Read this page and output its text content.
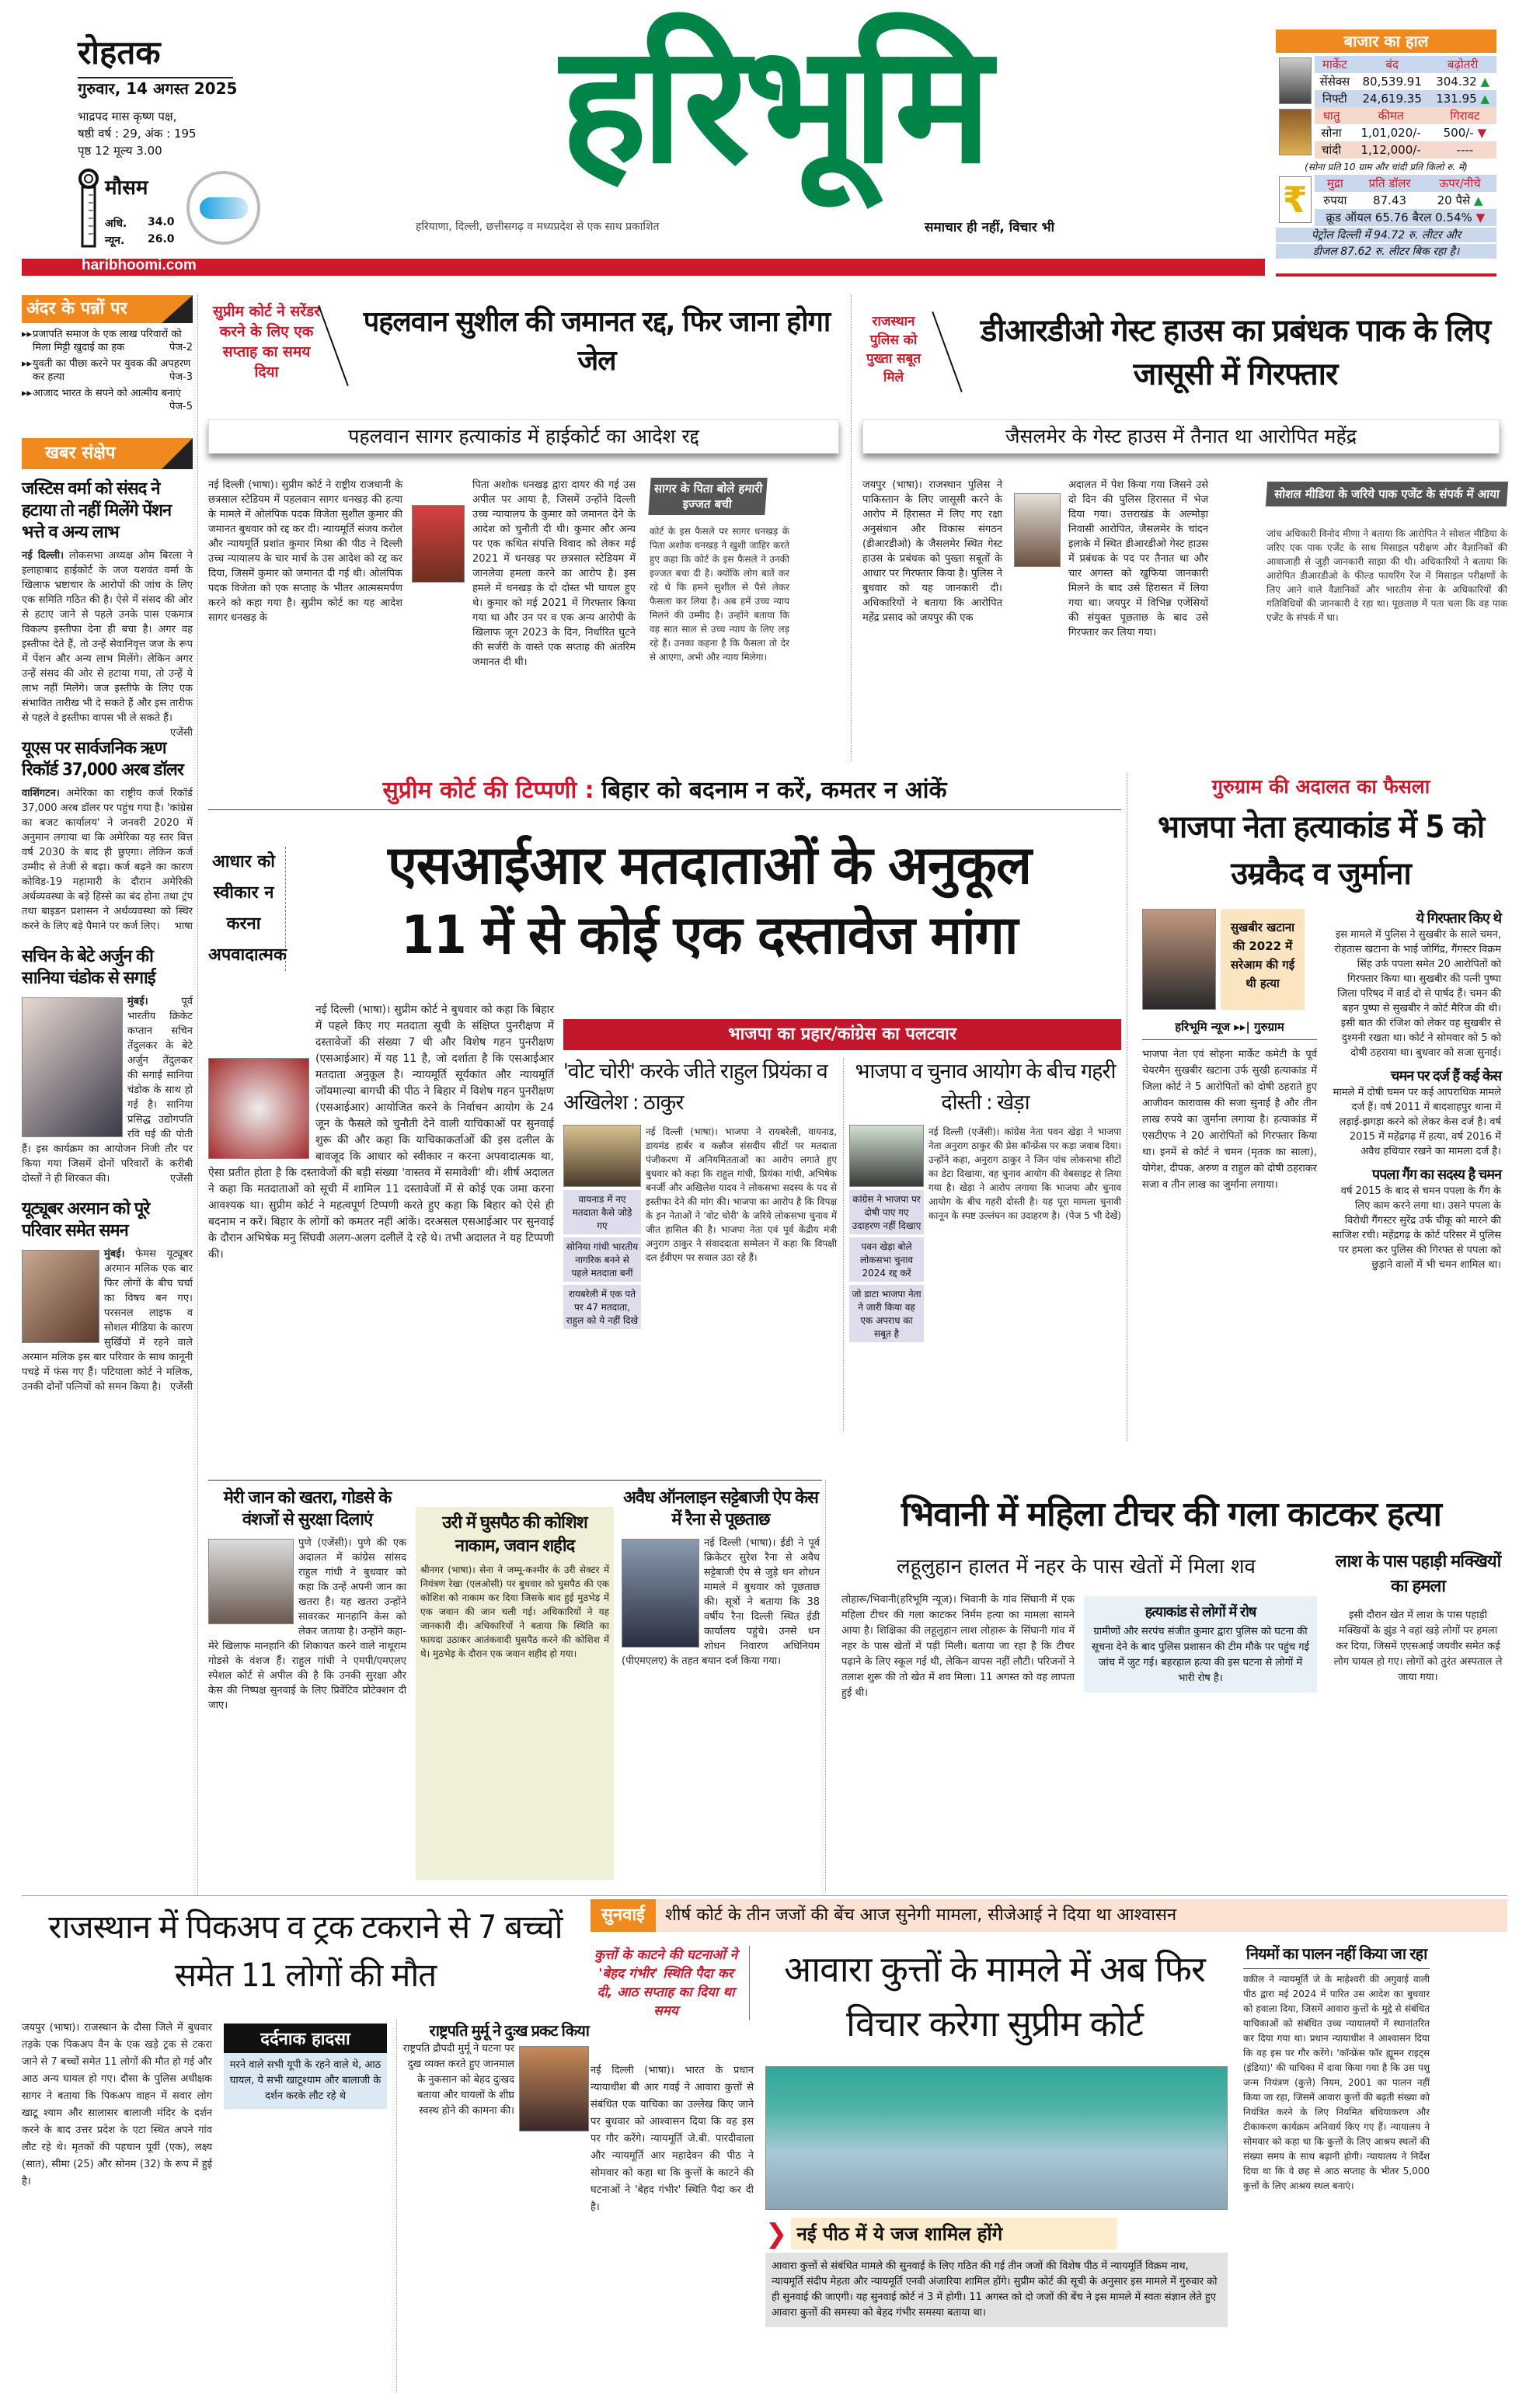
रोहतक
गुरुवार, 14 अगस्त 2025
भाद्रपद मास कृष्ण पक्ष,
षष्ठी वर्ष : 29, अंक : 195
पृष्ठ 12 मूल्य 3.00
मौसम
अधि. 34.0
न्यून. 26.0
हरिभूमि
हरियाणा, दिल्ली, छत्तीसगढ़ व मध्यप्रदेश से एक साथ प्रकाशित	समाचार ही नहीं, विचार भी
haribhoomi.com
बाजार का हाल
मार्केट	बंद	बढ़ोतरी
सेंसेक्स	80,539.91	304.32 ▲
निफ्टी	24,619.35	131.95 ▲
धातु	कीमत	गिरावट
सोना	1,01,020/-	500/- ▼
चांदी	1,12,000/-	----
(सोना प्रति 10 ग्राम और चांदी प्रति किलो रु. में)
₹	मुद्रा	प्रति डॉलर	ऊपर/नीचे
रुपया	87.43	20 पैसे ▲
क्रूड ऑयल 65.76 बैरल 0.54% ▼		
पेट्रोल दिल्ली में 94.72 रु. लीटर और
डीजल 87.62 रु. लीटर बिक रहा है।
अंदर के पन्नों पर
▸▸ प्रजापति समाज के एक लाख परिवारों को मिला मिट्टी खुदाई का हक	पेज-2
▸▸ युवती का पीछा करने पर युवक की अपहरण कर हत्या	पेज-3
▸▸ आजाद भारत के सपने को आत्मीय बनाएं
पेज-5
खबर संक्षेप
जस्टिस वर्मा को संसद ने हटाया तो नहीं मिलेंगे पेंशन भत्ते व अन्य लाभ
नई दिल्ली। लोकसभा अध्यक्ष ओम बिरला ने इलाहाबाद हाईकोर्ट के जज यशवंत वर्मा के खिलाफ भ्रष्टाचार के आरोपों की जांच के लिए एक समिति गठित की है। ऐसे में संसद की ओर से हटाए जाने से पहले उनके पास एकमात्र विकल्प इस्तीफा देना ही बचा है। अगर वह इस्तीफा देते हैं, तो उन्हें सेवानिवृत्त जज के रूप में पेंशन और अन्य लाभ मिलेंगे। लेकिन अगर उन्हें संसद की ओर से हटाया गया, तो उन्हें ये लाभ नहीं मिलेंगे। जज इस्तीफे के लिए एक संभावित तारीख भी दे सकते हैं और इस तारीफ से पहले वे इस्तीफा वापस भी ले सकते हैं।
एजेंसी
यूएस पर सार्वजनिक ऋण रिकॉर्ड 37,000 अरब डॉलर
वाशिंगटन। अमेरिका का राष्ट्रीय कर्ज रिकॉर्ड 37,000 अरब डॉलर पर पहुंच गया है। 'कांग्रेस का बजट कार्यालय' ने जनवरी 2020 में अनुमान लगाया था कि अमेरिका यह स्तर वित्त वर्ष 2030 के बाद ही छुएगा। लेकिन कर्ज उम्मीद से तेजी से बढ़ा। कर्ज बढ़ने का कारण कोविड-19 महामारी के दौरान अमेरिकी अर्थव्यवस्था के बड़े हिस्से का बंद होना तथा ट्रंप तथा बाइडन प्रशासन ने अर्थव्यवस्था को स्थिर करने के लिए बड़े पैमाने पर कर्ज लिए। भाषा
सचिन के बेटे अर्जुन की सानिया चंडोक से सगाई
मुंबई।	पूर्व भारतीय क्रिकेट कप्तान सचिन तेंदुलकर के बेटे अर्जुन तेंदुलकर की सगाई सानिया चंडोक के साथ हो गई है। सानिया प्रसिद्ध उद्योगपति रवि घई की पोती हैं। इस कार्यक्रम का आयोजन निजी तौर पर किया गया जिसमें दोनों परिवारों के करीबी दोस्तों ने ही शिरकत की।	एजेंसी
यूट्यूबर अरमान को पूरे परिवार समेत समन
मुंबई। फेमस यूट्यूबर अरमान मलिक एक बार फिर लोगों के बीच चर्चा का विषय बन गए। परसनल लाइफ व सोशल मीडिया के कारण सुर्खियों में रहने वाले अरमान मलिक इस बार परिवार के साथ कानूनी पचड़े में फंस गए हैं। पटियाला कोर्ट ने मलिक, उनकी दोनों पत्नियों को समन किया है। एजेंसी
सुप्रीम कोर्ट ने सरेंडर करने के लिए एक सप्ताह का समय दिया
पहलवान सुशील की जमानत रद्द, फिर जाना होगा जेल
पहलवान सागर हत्याकांड में हाईकोर्ट का आदेश रद्द
नई दिल्ली (भाषा)। सुप्रीम कोर्ट ने राष्ट्रीय राजधानी के छत्रसाल स्टेडियम में पहलवान सागर धनखड़ की हत्या के मामले में ओलंपिक पदक विजेता सुशील कुमार की जमानत बुधवार को रद्द कर दी। न्यायमूर्ति संजय करोल और न्यायमूर्ति प्रशांत कुमार मिश्रा की पीठ ने दिल्ली उच्च न्यायालय के चार मार्च के उस आदेश को रद्द कर दिया, जिसमें कुमार को जमानत दी गई थी। ओलंपिक पदक विजेता को एक सप्ताह के भीतर आत्मसमर्पण करने को कहा गया है। सुप्रीम कोर्ट का यह आदेश सागर धनखड़ के
पिता अशोक धनखड़ द्वारा दायर की गई उस अपील पर आया है, जिसमें उन्होंने दिल्ली उच्च न्यायालय के कुमार को जमानत देने के आदेश को चुनौती दी थी। कुमार और अन्य पर एक कथित संपत्ति विवाद को लेकर मई 2021 में धनखड़ पर छत्रसाल स्टेडियम में जानलेवा हमला करने का आरोप है। इस हमले में धनखड़ के दो दोस्त भी घायल हुए थे। कुमार को मई 2021 में गिरफ्तार किया गया था और उन पर व एक अन्य आरोपी के खिलाफ जून 2023 के दिन, निर्धारित घुटने की सर्जरी के वास्ते एक सप्ताह की अंतरिम जमानत दी थी।
सागर के पिता बोले हमारी इज्जत बची
कोर्ट के इस फैसले पर सागर धनखड़ के पिता अशोक धनखड़ ने खुशी जाहिर करते हुए कहा कि कोर्ट के इस फैसले ने उनकी इज्जत बचा दी है। क्योंकि लोग बातें कर रहे थे कि हमने सुशील से पैसे लेकर फैसला कर लिया है। अब हमें उच्च न्याय मिलने की उम्मीद है। उन्होंने बताया कि वह सात साल से उच्च न्याय के लिए लड़ रहे हैं। उनका कहना है कि फैसला तो देर से आएगा, अभी और न्याय मिलेगा।
राजस्थान पुलिस को पुख्ता सबूत मिले
डीआरडीओ गेस्ट हाउस का प्रबंधक पाक के लिए जासूसी में गिरफ्तार
जैसलमेर के गेस्ट हाउस में तैनात था आरोपित महेंद्र
जयपुर (भाषा)। राजस्थान पुलिस ने पाकिस्तान के लिए जासूसी करने के आरोप में हिरासत में लिए गए रक्षा अनुसंधान और विकास संगठन (डीआरडीओ) के जैसलमेर स्थित गेस्ट हाउस के प्रबंधक को पुख्ता सबूतों के आधार पर गिरफ्तार किया है। पुलिस ने बुधवार को यह जानकारी दी। अधिकारियों ने बताया कि आरोपित महेंद्र प्रसाद को जयपुर की एक
अदालत में पेश किया गया जिसने उसे दो दिन की पुलिस हिरासत में भेज दिया गया। उत्तराखंड के अल्मोड़ा निवासी आरोपित, जैसलमेर के चांदन इलाके में स्थित डीआरडीओ गेस्ट हाउस में प्रबंधक के पद पर तैनात था और चार अगस्त को खुफिया जानकारी मिलने के बाद उसे हिरासत में लिया गया था। जयपुर में विभिन्न एजेंसियों की संयुक्त पूछताछ के बाद उसे गिरफ्तार कर लिया गया।
सोशल मीडिया के जरिये पाक एजेंट के संपर्क में आया
जांच अधिकारी विनोद मीणा ने बताया कि आरोपित ने सोशल मीडिया के जरिए एक पाक एजेंट के साथ मिसाइल परीक्षण और वैज्ञानिकों की आवाजाही से जुड़ी जानकारी साझा की थी। अधिकारियों ने बताया कि आरोपित डीआरडीओ के फील्ड फायरिंग रेंज में मिसाइल परीक्षणों के लिए आने वाले वैज्ञानिकों और भारतीय सेना के अधिकारियों की गतिविधियों की जानकारी दे रहा था। पूछताछ में पता चला कि वह पाक एजेंट के संपर्क में था।
सुप्रीम कोर्ट की टिप्पणी : बिहार को बदनाम न करें, कमतर न आंकें
आधार को स्वीकार न करना अपवादात्मक
एसआईआर मतदाताओं के अनुकूल
11 में से कोई एक दस्तावेज मांगा
नई दिल्ली (भाषा)। सुप्रीम कोर्ट ने बुधवार को कहा कि बिहार में पहले किए गए मतदाता सूची के संक्षिप्त पुनरीक्षण में दस्तावेजों की संख्या 7 थी और विशेष गहन पुनरीक्षण (एसआईआर) में यह 11 है, जो दर्शाता है कि एसआईआर मतदाता अनुकूल है। न्यायमूर्ति सूर्यकांत और न्यायमूर्ति जॉयमाल्या बागची की पीठ ने बिहार में विशेष गहन पुनरीक्षण (एसआईआर) आयोजित करने के निर्वाचन आयोग के 24 जून के फैसले को चुनौती देने वाली याचिकाओं पर सुनवाई शुरू की और कहा कि याचिकाकर्ताओं की इस दलील के बावजूद कि आधार को स्वीकार न करना अपवादात्मक था, ऐसा प्रतीत होता है कि दस्तावेजों की बड़ी संख्या 'वास्तव में समावेशी' थी। शीर्ष अदालत ने कहा कि मतदाताओं को सूची में शामिल 11 दस्तावेजों में से कोई एक जमा करना आवश्यक था। सुप्रीम कोर्ट ने महत्वपूर्ण टिप्पणी करते हुए कहा कि बिहार को ऐसे ही बदनाम न करें। बिहार के लोगों को कमतर नहीं आंकें। दरअसल एसआईआर पर सुनवाई के दौरान अभिषेक मनु सिंघवी अलग-अलग दलीलें दे रहे थे। तभी अदालत ने यह टिप्पणी की।
भाजपा का प्रहार/कांग्रेस का पलटवार
'वोट चोरी' करके जीते राहुल प्रियंका व अखिलेश : ठाकुर
वायनाड में नए मतदाता कैसे जोड़े गए
सोनिया गांधी भारतीय नागरिक बनने से पहले मतदाता बनीं
रायबरेली में एक पते पर 47 मतदाता, राहुल को ये नहीं दिखे
नई दिल्ली (भाषा)। भाजपा ने रायबरेली, वायनाड, डायमंड हार्बर व कन्नौज संसदीय सीटों पर मतदाता पंजीकरण में अनियमितताओं का आरोप लगाते हुए बुधवार को कहा कि राहुल गांधी, प्रियंका गांधी, अभिषेक बनर्जी और अखिलेश यादव ने लोकसभा सदस्य के पद से इस्तीफा देने की मांग की। भाजपा का आरोप है कि विपक्ष के इन नेताओं ने 'वोट चोरी' के जरिये लोकसभा चुनाव में जीत हासिल की है। भाजपा नेता एवं पूर्व केंद्रीय मंत्री अनुराग ठाकुर ने संवाददाता सम्मेलन में कहा कि विपक्षी दल ईवीएम पर सवाल उठा रहे हैं।
भाजपा व चुनाव आयोग के बीच गहरी दोस्ती : खेड़ा
कांग्रेस ने भाजपा पर दोषी पाए गए उदाहरण नहीं दिखाए
पवन खेड़ा बोले लोकसभा चुनाव 2024 रद्द करें
जो डाटा भाजपा नेता ने जारी किया वह एक अपराध का सबूत है
नई दिल्ली (एजेंसी)। कांग्रेस नेता पवन खेड़ा ने भाजपा नेता अनुराग ठाकुर की प्रेस कॉन्फ्रेंस पर कड़ा जवाब दिया। उन्होंने कहा, अनुराग ठाकुर ने जिन पांच लोकसभा सीटों का डेटा दिखाया, वह चुनाव आयोग की वेबसाइट से लिया गया है। खेड़ा ने आरोप लगाया कि भाजपा और चुनाव आयोग के बीच गहरी दोस्ती है। यह पूरा मामला चुनावी कानून के स्पष्ट उल्लंघन का उदाहरण है। (पेज 5 भी देखें)
गुरुग्राम की अदालत का फैसला
भाजपा नेता हत्याकांड में 5 को उम्रकैद व जुर्माना
सुखबीर खटाना की 2022 में सरेआम की गई थी हत्या
हरिभूमि न्यूज ▸▸| गुरुग्राम
भाजपा नेता एवं सोहना मार्केट कमेटी के पूर्व चेयरमैन सुखबीर खटाना उर्फ सुखी हत्याकांड में जिला कोर्ट ने 5 आरोपितों को दोषी ठहराते हुए आजीवन कारावास की सजा सुनाई है और तीन लाख रुपये का जुर्माना लगाया है। हत्याकांड में एसटीएफ ने 20 आरोपितों को गिरफ्तार किया था। इनमें से कोर्ट ने चमन (मृतक का साला), योगेश, दीपक, अरुण व राहुल को दोषी ठहराकर सजा व तीन लाख का जुर्माना लगाया।
ये गिरफ्तार किए थे
इस मामले में पुलिस ने सुखबीर के साले चमन, रोहतास खटाना के भाई जोगिंद्र, गैंगस्टर विक्रम सिंह उर्फ पपला समेत 20 आरोपितों को गिरफ्तार किया था। सुखबीर की पत्नी पुष्पा जिला परिषद में वार्ड दो से पार्षद हैं। चमन की बहन पुष्पा से सुखबीर ने कोर्ट मैरिज की थी। इसी बात की रंजिश को लेकर वह सुखबीर से दुश्मनी रखता था। कोर्ट ने सोमवार को 5 को दोषी ठहराया था। बुधवार को सजा सुनाई।
चमन पर दर्ज हैं कई केस
मामले में दोषी चमन पर कई आपराधिक मामले दर्ज हैं। वर्ष 2011 में बादशाहपुर थाना में लड़ाई-झगड़ा करने को लेकर केस दर्ज है। वर्ष 2015 में महेंद्रगढ़ में हत्या, वर्ष 2016 में अवैध हथियार रखने का मामला दर्ज है।
पपला गैंग का सदस्य है चमन
वर्ष 2015 के बाद से चमन पपला के गैंग के लिए काम करने लगा था। उसने पपला के विरोधी गैंगस्टर सुरेंद्र उर्फ चीकू को मारने की साजिश रची। महेंद्रगढ़ के कोर्ट परिसर में पुलिस पर हमला कर पुलिस की गिरफ्त से पपला को छुड़ाने वालों में भी चमन शामिल था।
मेरी जान को खतरा, गोडसे के वंशजों से सुरक्षा दिलाएं
पुणे (एजेंसी)। पुणे की एक अदालत में कांग्रेस सांसद राहुल गांधी ने बुधवार को कहा कि उन्हें अपनी जान का खतरा है। यह खतरा उन्होंने सावरकर मानहानि केस को लेकर जताया है। उन्होंने कहा-मेरे खिलाफ मानहानि की शिकायत करने वाले नाथूराम गोडसे के वंशज हैं। राहुल गांधी ने एमपी/एमएलए स्पेशल कोर्ट से अपील की है कि उनकी सुरक्षा और केस की निष्पक्ष सुनवाई के लिए प्रिवेंटिव प्रोटेक्शन दी जाए।
उरी में घुसपैठ की कोशिश नाकाम, जवान शहीद
श्रीनगर (भाषा)। सेना ने जम्मू-कश्मीर के उरी सेक्टर में नियंत्रण रेखा (एलओसी) पर बुधवार को घुसपैठ की एक कोशिश को नाकाम कर दिया जिसके बाद हुई मुठभेड़ में एक जवान की जान चली गई। अधिकारियों ने यह जानकारी दी। अधिकारियों ने बताया कि स्थिति का फायदा उठाकर आतंकवादी घुसपैठ करने की कोशिश में थे। मुठभेड़ के दौरान एक जवान शहीद हो गया।
अवैध ऑनलाइन सट्टेबाजी ऐप केस में रैना से पूछताछ
नई दिल्ली (भाषा)। ईडी ने पूर्व क्रिकेटर सुरेश रैना से अवैध सट्टेबाजी ऐप से जुड़े धन शोधन मामले में बुधवार को पूछताछ की। सूत्रों ने बताया कि 38 वर्षीय रैना दिल्ली स्थित ईडी कार्यालय पहुंचे। उनसे धन शोधन निवारण अधिनियम (पीएमएलए) के तहत बयान दर्ज किया गया।
भिवानी में महिला टीचर की गला काटकर हत्या
लहूलुहान हालत में नहर के पास खेतों में मिला शव
लोहारू/भिवानी(हरिभूमि न्यूज)। भिवानी के गांव सिंघानी में एक महिला टीचर की गला काटकर निर्मम हत्या का मामला सामने आया है। शिक्षिका की लहूलुहान लाश लोहारू के सिंघानी गांव में नहर के पास खेतों में पड़ी मिली। बताया जा रहा है कि टीचर पढ़ाने के लिए स्कूल गई थी, लेकिन वापस नहीं लौटी। परिजनों ने तलाश शुरू की तो खेत में शव मिला। 11 अगस्त को वह लापता हुई थी।
हत्याकांड से लोगों में रोष
ग्रामीणों और सरपंच संजीत कुमार द्वारा पुलिस को घटना की सूचना देने के बाद पुलिस प्रशासन की टीम मौके पर पहुंच गई जांच में जुट गई। बहरहाल हत्या की इस घटना से लोगों में भारी रोष है।
लाश के पास पहाड़ी मक्खियों का हमला
इसी दौरान खेत में लाश के पास पहाड़ी मक्खियों के झुंड ने वहां खड़े लोगों पर हमला कर दिया, जिसमें एएसआई जयवीर समेत कई लोग घायल हो गए। लोगों को तुरंत अस्पताल ले जाया गया।
राजस्थान में पिकअप व ट्रक टकराने से 7 बच्चों समेत 11 लोगों की मौत
जयपुर (भाषा)। राजस्थान के दौसा जिले में बुधवार तड़के एक पिकअप वैन के एक खड़े ट्रक से टकरा जाने से 7 बच्चों समेत 11 लोगों की मौत हो गई और आठ अन्य घायल हो गए। दौसा के पुलिस अधीक्षक सागर ने बताया कि पिकअप वाहन में सवार लोग खाटू श्याम और सालासर बालाजी मंदिर के दर्शन करने के बाद उत्तर प्रदेश के एटा स्थित अपने गांव लौट रहे थे। मृतकों की पहचान पूर्वी (एक), लक्ष्य (सात), सीमा (25) और सोनम (32) के रूप में हुई है।
दर्दनाक हादसा
मरने वाले सभी यूपी के रहने वाले थे, आठ घायल, ये सभी खाटूश्याम और बालाजी के दर्शन करके लौट रहे थे
राष्ट्रपति मुर्मू ने दुःख प्रकट किया
राष्ट्रपति द्रौपदी मुर्मू ने घटना पर दुख व्यक्त करते हुए जानमाल के नुकसान को बेहद दुःखद बताया और घायलों के शीघ्र स्वस्थ होने की कामना की।
सुनवाई	शीर्ष कोर्ट के तीन जजों की बेंच आज सुनेगी मामला, सीजेआई ने दिया था आश्वासन
कुत्तों के काटने की घटनाओं ने 'बेहद गंभीर' स्थिति पैदा कर दी, आठ सप्ताह का दिया था समय
आवारा कुत्तों के मामले में अब फिर विचार करेगा सुप्रीम कोर्ट
नई दिल्ली (भाषा)। भारत के प्रधान न्यायाधीश बी आर गवई ने आवारा कुत्तों से संबंधित एक याचिका का उल्लेख किए जाने पर बुधवार को आश्वासन दिया कि वह इस पर गौर करेंगे। न्यायमूर्ति जे.बी. पारदीवाला और न्यायमूर्ति आर महादेवन की पीठ ने सोमवार को कहा था कि कुत्तों के काटने की घटनाओं ने 'बेहद गंभीर' स्थिति पैदा कर दी है।
❯ नई पीठ में ये जज शामिल होंगे
आवारा कुत्तों से संबंधित मामले की सुनवाई के लिए गठित की गई तीन जजों की विशेष पीठ में न्यायमूर्ति विक्रम नाथ, न्यायमूर्ति संदीप मेहता और न्यायमूर्ति एनवी अंजारिया शामिल होंगे। सुप्रीम कोर्ट की सूची के अनुसार इस मामले में गुरुवार को ही सुनवाई की जाएगी। यह सुनवाई कोर्ट नं 3 में होगी। 11 अगस्त को दो जजों की बेंच ने इस मामले में स्वतः संज्ञान लेते हुए आवारा कुत्तों की समस्या को बेहद गंभीर समस्या बताया था।
नियमों का पालन नहीं किया जा रहा
वकील ने न्यायमूर्ति जे के माहेश्वरी की अगुवाई वाली पीठ द्वारा मई 2024 में पारित उस आदेश का बुधवार को हवाला दिया, जिसमें आवारा कुत्तों के मुद्दे से संबंधित याचिकाओं को संबंधित उच्च न्यायालयों में स्थानांतरित कर दिया गया था। प्रधान न्यायाधीश ने आश्वासन दिया कि वह इस पर गौर करेंगे। 'कॉन्फ्रेंस फॉर ह्यूमन राइट्स (इंडिया)' की याचिका में दावा किया गया है कि उस पशु जन्म नियंत्रण (कुत्ते) नियम, 2001 का पालन नहीं किया जा रहा, जिसमें आवारा कुत्तों की बढ़ती संख्या को नियंत्रित करने के लिए नियमित बधियाकरण और टीकाकरण कार्यक्रम अनिवार्य किए गए हैं। न्यायालय ने सोमवार को कहा था कि कुत्तों के लिए आश्रय स्थलों की संख्या समय के साथ बढ़ानी होगी। न्यायालय ने निर्देश दिया था कि वे छह से आठ सप्ताह के भीतर 5,000 कुत्तों के लिए आश्रय स्थल बनाएं।
